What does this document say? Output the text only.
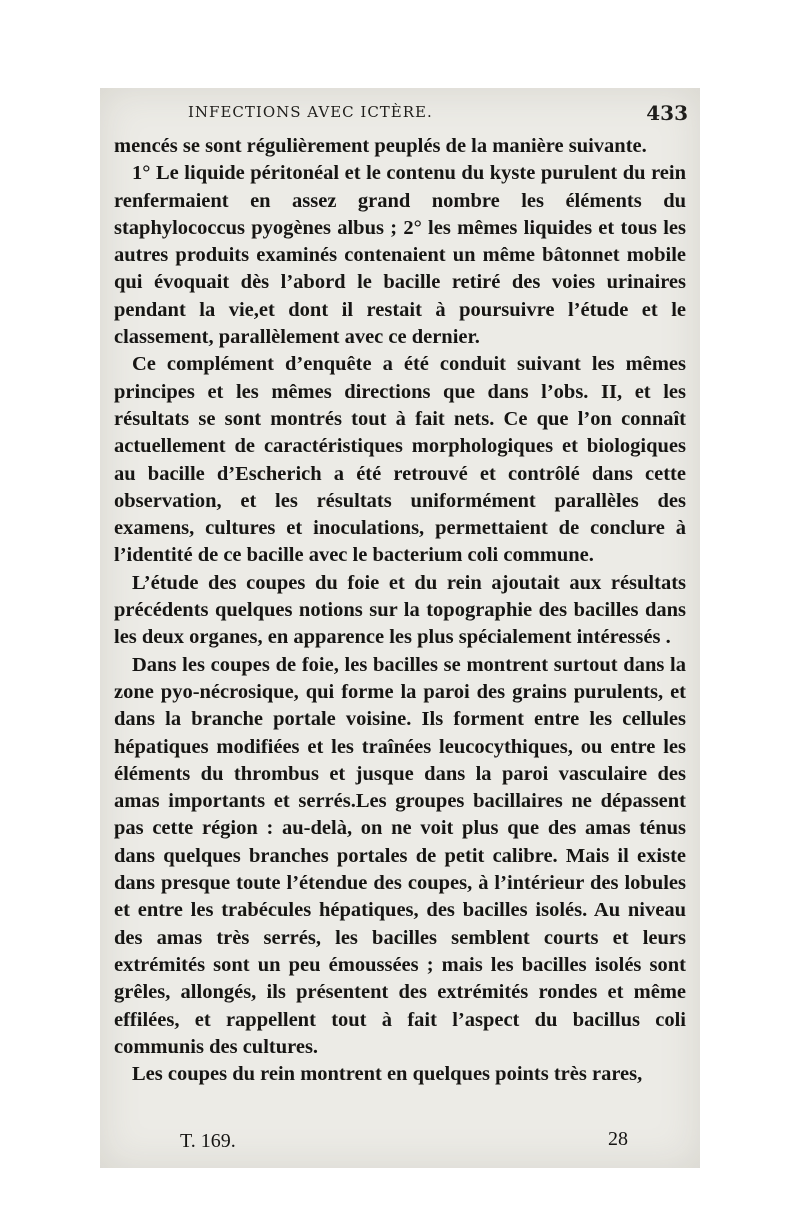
INFECTIONS AVEC ICTÈRE.	433

mencés se sont régulièrement peuplés de la manière suivante.

1° Le liquide péritonéal et le contenu du kyste purulent du rein renfermaient en assez grand nombre les éléments du staphylococcus pyogènes albus ; 2° les mêmes liquides et tous les autres produits examinés contenaient un même bâtonnet mobile qui évoquait dès l’abord le bacille retiré des voies urinaires pendant la vie,et dont il restait à poursuivre l’étude et le classement, parallèlement avec ce dernier.

Ce complément d’enquête a été conduit suivant les mêmes principes et les mêmes directions que dans l’obs. II, et les résultats se sont montrés tout à fait nets. Ce que l’on connaît actuellement de caractéristiques morphologiques et biologiques au bacille d’Escherich a été retrouvé et contrôlé dans cette observation, et les résultats uniformément parallèles des examens, cultures et inoculations, permettaient de conclure à l’identité de ce bacille avec le bacterium coli commune.

L’étude des coupes du foie et du rein ajoutait aux résultats précédents quelques notions sur la topographie des bacilles dans les deux organes, en apparence les plus spécialement intéressés .

Dans les coupes de foie, les bacilles se montrent surtout dans la zone pyo-nécrosique, qui forme la paroi des grains purulents, et dans la branche portale voisine. Ils forment entre les cellules hépatiques modifiées et les traînées leucocythiques, ou entre les éléments du thrombus et jusque dans la paroi vasculaire des amas importants et serrés.Les groupes bacillaires ne dépassent pas cette région : au-delà, on ne voit plus que des amas ténus dans quelques branches portales de petit calibre. Mais il existe dans presque toute l’étendue des coupes, à l’intérieur des lobules et entre les trabécules hépatiques, des bacilles isolés. Au niveau des amas très serrés, les bacilles semblent courts et leurs extrémités sont un peu émoussées ; mais les bacilles isolés sont grêles, allongés, ils présentent des extrémités rondes et même effilées, et rappellent tout à fait l’aspect du bacillus coli communis des cultures.

Les coupes du rein montrent en quelques points très rares,

T. 169.	28
